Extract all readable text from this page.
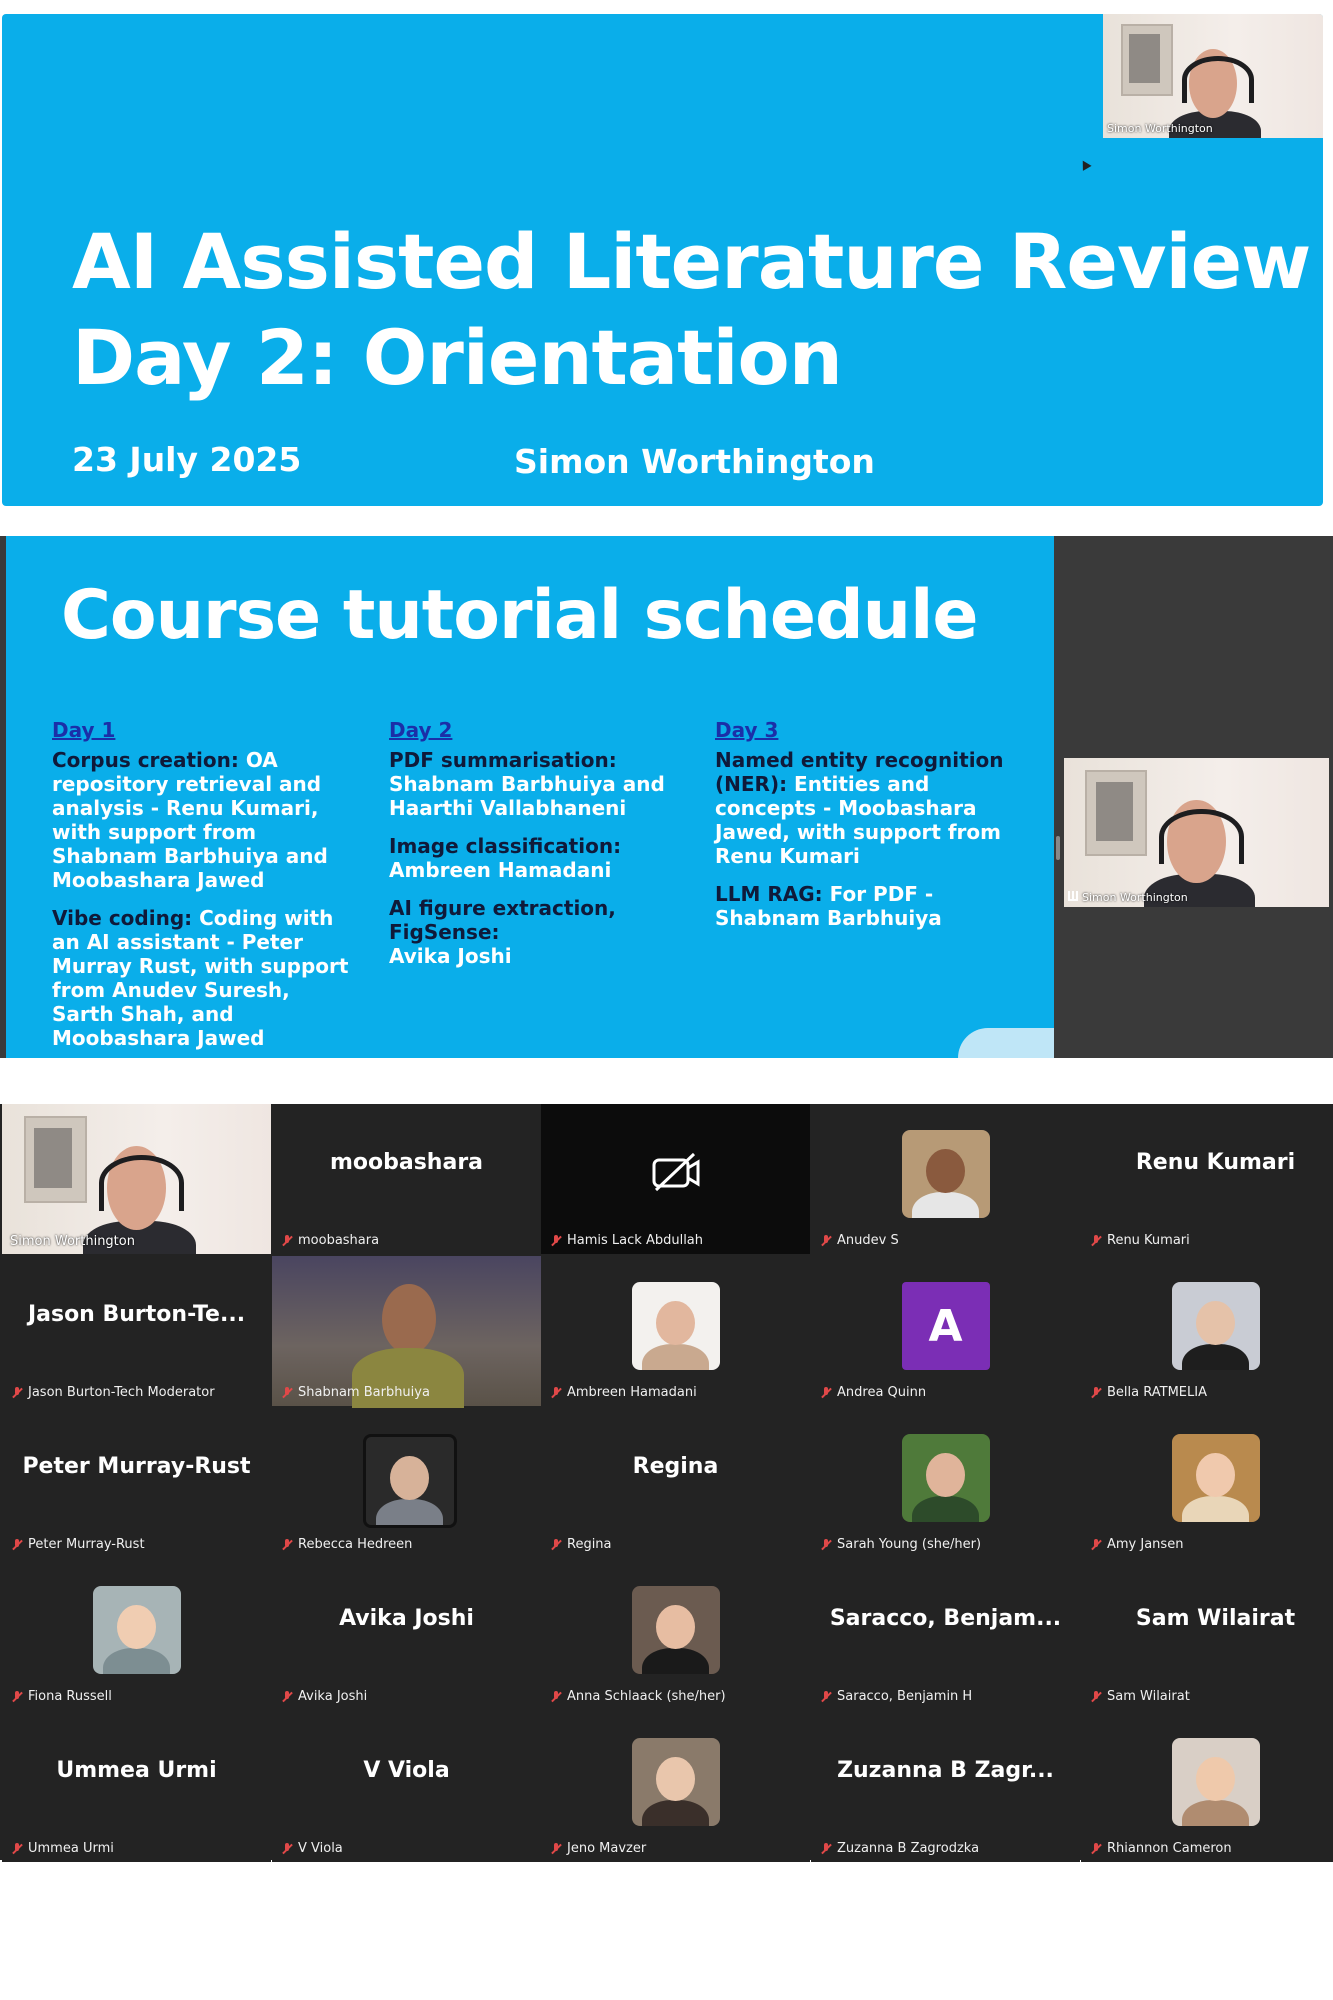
AI Assisted Literature Review
Day 2: Orientation
23 July 2025	Simon Worthington
Simon Worthington
Course tutorial schedule
Day 1

Corpus creation: OA repository retrieval and analysis - Renu Kumari, with support from Shabnam Barbhuiya and Moobashara Jawed

Vibe coding: Coding with an AI assistant - Peter Murray Rust, with support from Anudev Suresh, Sarth Shah, and Moobashara Jawed

Day 2

PDF summarisation:
Shabnam Barbhuiya and Haarthi Vallabhaneni

Image classification:
Ambreen Hamadani

AI figure extraction, FigSense:
Avika Joshi

Day 3

Named entity recognition (NER): Entities and concepts - Moobashara Jawed, with support from Renu Kumari

LLM RAG: For PDF - Shabnam Barbhuiya

Simon Worthington
Simon Worthington
moobashara
moobashara	Hamis Lack Abdullah	Anudev S
Renu Kumari
Renu Kumari
Jason Burton-Te...
Jason Burton-Tech Moderator	Shabnam Barbhuiya	Ambreen Hamadani
A
Andrea Quinn	Bella RATMELIA
Peter Murray-Rust
Peter Murray-Rust	Rebecca Hedreen
Regina
Regina	Sarah Young (she/her)	Amy Jansen
Fiona Russell
Avika Joshi
Avika Joshi	Anna Schlaack (she/her)
Saracco, Benjam...
Saracco, Benjamin H
Sam Wilairat
Sam Wilairat
Ummea Urmi
Ummea Urmi
V Viola
V Viola	Jeno Mavzer
Zuzanna B Zagr...
Zuzanna B Zagrodzka	Rhiannon Cameron
